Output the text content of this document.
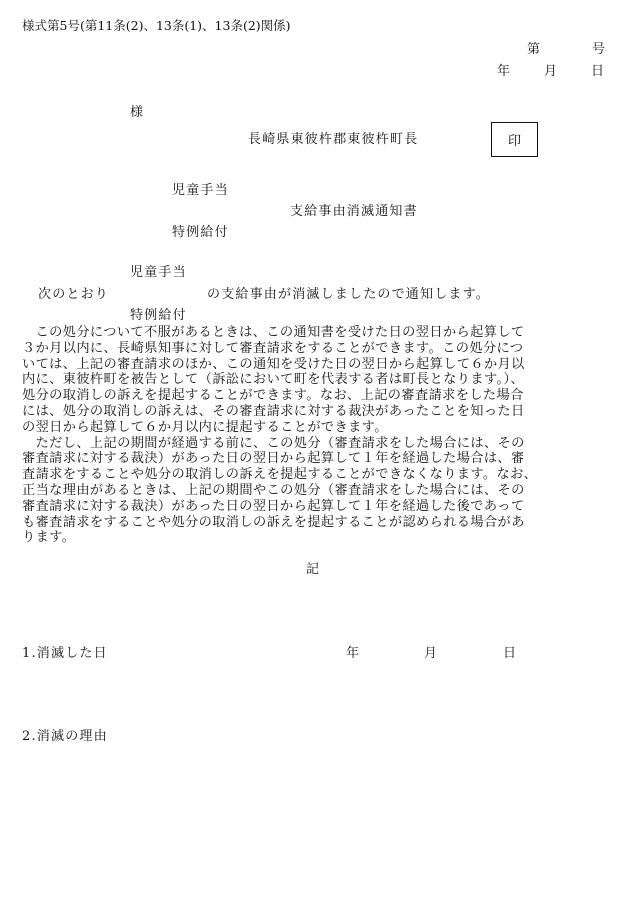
様式第5号(第11条(2)、13条(1)、13条(2)関係)
第	号
年	月	日
様
長崎県東彼杵郡東彼杵町長	印
児童手当
支給事由消滅通知書
特例給付
児童手当
次のとおり	の支給事由が消滅しましたので通知します。
特例給付
　この処分について不服があるときは、この通知書を受けた日の翌日から起算して
３か月以内に、長崎県知事に対して審査請求をすることができます。この処分につ
いては、上記の審査請求のほか、この通知を受けた日の翌日から起算して６か月以
内に、東彼杵町を被告として（訴訟において町を代表する者は町長となります。）、
処分の取消しの訴えを提起することができます。なお、上記の審査請求をした場合
には、処分の取消しの訴えは、その審査請求に対する裁決があったことを知った日
の翌日から起算して６か月以内に提起することができます。
　ただし、上記の期間が経過する前に、この処分（審査請求をした場合には、その
審査請求に対する裁決）があった日の翌日から起算して１年を経過した場合は、審
査請求をすることや処分の取消しの訴えを提起することができなくなります。なお、
正当な理由があるときは、上記の期間やこの処分（審査請求をした場合には、その
審査請求に対する裁決）があった日の翌日から起算して１年を経過した後であって
も審査請求をすることや処分の取消しの訴えを提起することが認められる場合があ
ります。
記
1.消滅した日	年	月	日
2.消滅の理由
